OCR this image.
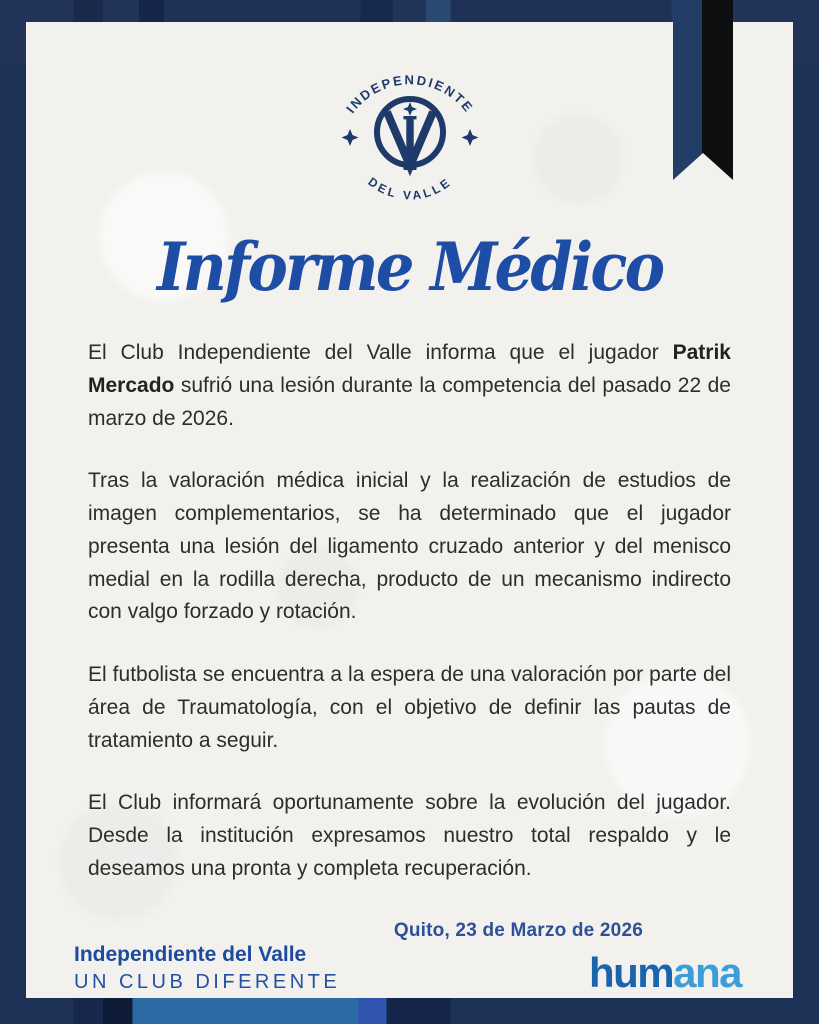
INDEPENDIENTE
DEL VALLE
Informe Médico

El Club Independiente del Valle informa que el jugador Patrik Mercado sufrió una lesión durante la competencia del pasado 22 de marzo de 2026.

Tras la valoración médica inicial y la realización de estudios de imagen complementarios, se ha determinado que el jugador presenta una lesión del ligamento cruzado anterior y del menisco medial en la rodilla derecha, producto de un mecanismo indirecto con valgo forzado y rotación.

El futbolista se encuentra a la espera de una valoración por parte del área de Traumatología, con el objetivo de definir las pautas de tratamiento a seguir.

El Club informará oportunamente sobre la evolución del jugador. Desde la institución expresamos nuestro total respaldo y le deseamos una pronta y completa recuperación.

Quito, 23 de Marzo de 2026
Independiente del Valle
UN CLUB DIFERENTE	humana
